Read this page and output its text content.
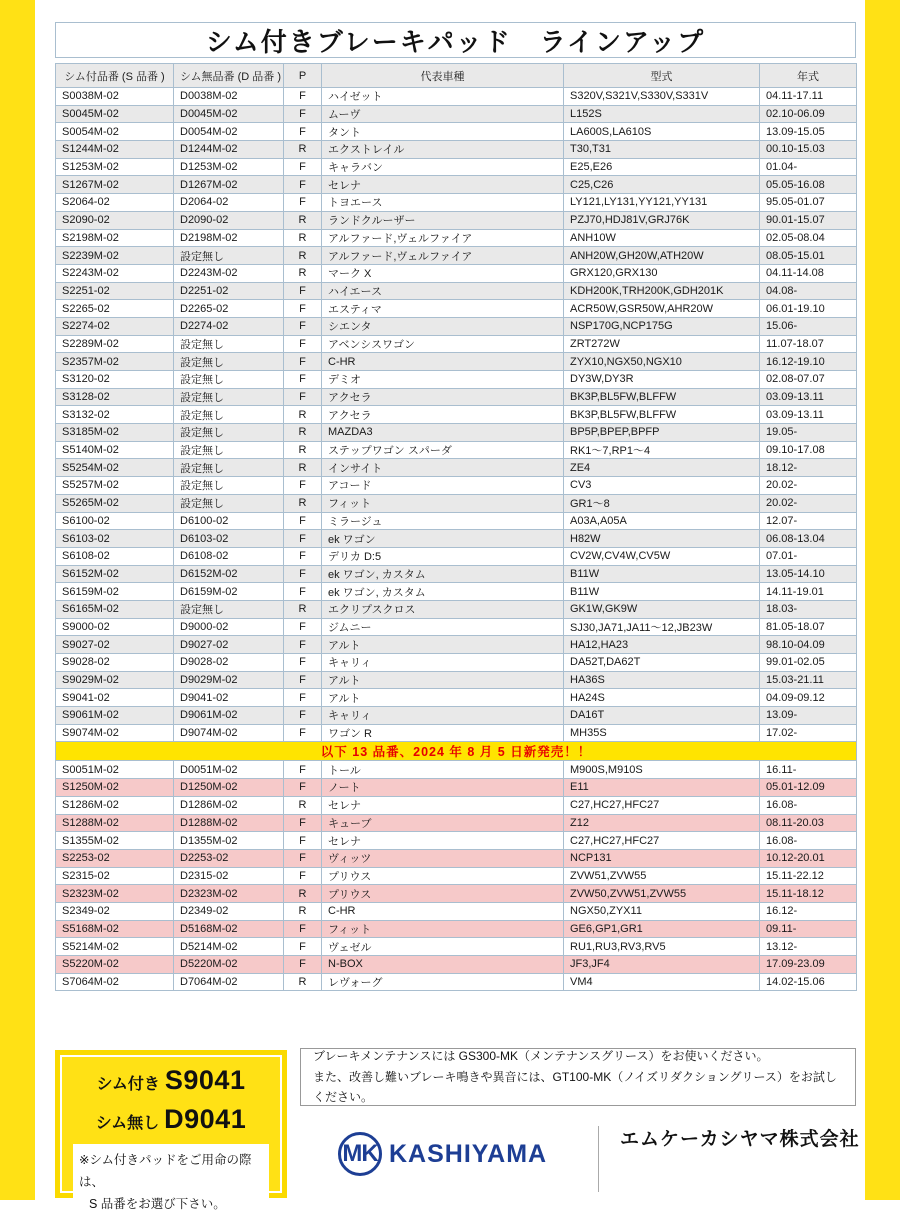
シム付きブレーキパッド　ラインアップ
シム付品番 (S 品番 )	シム無品番 (D 品番 )	P	代表車種	型式	年式
S0038M-02	D0038M-02	F	ハイゼット	S320V,S321V,S330V,S331V	04.11-17.11
S0045M-02	D0045M-02	F	ムーヴ	L152S	02.10-06.09
S0054M-02	D0054M-02	F	タント	LA600S,LA610S	13.09-15.05
S1244M-02	D1244M-02	R	エクストレイル	T30,T31	00.10-15.03
S1253M-02	D1253M-02	F	キャラバン	E25,E26	01.04-
S1267M-02	D1267M-02	F	セレナ	C25,C26	05.05-16.08
S2064-02	D2064-02	F	トヨエース	LY121,LY131,YY121,YY131	95.05-01.07
S2090-02	D2090-02	R	ランドクルーザー	PZJ70,HDJ81V,GRJ76K	90.01-15.07
S2198M-02	D2198M-02	R	アルファード,ヴェルファイア	ANH10W	02.05-08.04
S2239M-02	設定無し	R	アルファード,ヴェルファイア	ANH20W,GH20W,ATH20W	08.05-15.01
S2243M-02	D2243M-02	R	マーク X	GRX120,GRX130	04.11-14.08
S2251-02	D2251-02	F	ハイエース	KDH200K,TRH200K,GDH201K	04.08-
S2265-02	D2265-02	F	エスティマ	ACR50W,GSR50W,AHR20W	06.01-19.10
S2274-02	D2274-02	F	シエンタ	NSP170G,NCP175G	15.06-
S2289M-02	設定無し	F	アベンシスワゴン	ZRT272W	11.07-18.07
S2357M-02	設定無し	F	C-HR	ZYX10,NGX50,NGX10	16.12-19.10
S3120-02	設定無し	F	デミオ	DY3W,DY3R	02.08-07.07
S3128-02	設定無し	F	アクセラ	BK3P,BL5FW,BLFFW	03.09-13.11
S3132-02	設定無し	R	アクセラ	BK3P,BL5FW,BLFFW	03.09-13.11
S3185M-02	設定無し	R	MAZDA3	BP5P,BPEP,BPFP	19.05-
S5140M-02	設定無し	R	ステップワゴン スパーダ	RK1～7,RP1～4	09.10-17.08
S5254M-02	設定無し	R	インサイト	ZE4	18.12-
S5257M-02	設定無し	F	アコード	CV3	20.02-
S5265M-02	設定無し	R	フィット	GR1～8	20.02-
S6100-02	D6100-02	F	ミラージュ	A03A,A05A	12.07-
S6103-02	D6103-02	F	ek ワゴン	H82W	06.08-13.04
S6108-02	D6108-02	F	デリカ D:5	CV2W,CV4W,CV5W	07.01-
S6152M-02	D6152M-02	F	ek ワゴン, カスタム	B11W	13.05-14.10
S6159M-02	D6159M-02	F	ek ワゴン, カスタム	B11W	14.11-19.01
S6165M-02	設定無し	R	エクリプスクロス	GK1W,GK9W	18.03-
S9000-02	D9000-02	F	ジムニー	SJ30,JA71,JA11～12,JB23W	81.05-18.07
S9027-02	D9027-02	F	アルト	HA12,HA23	98.10-04.09
S9028-02	D9028-02	F	キャリィ	DA52T,DA62T	99.01-02.05
S9029M-02	D9029M-02	F	アルト	HA36S	15.03-21.11
S9041-02	D9041-02	F	アルト	HA24S	04.09-09.12
S9061M-02	D9061M-02	F	キャリィ	DA16T	13.09-
S9074M-02	D9074M-02	F	ワゴン R	MH35S	17.02-
以下 13 品番、2024 年 8 月 5 日新発売！！					
S0051M-02	D0051M-02	F	トール	M900S,M910S	16.11-
S1250M-02	D1250M-02	F	ノート	E11	05.01-12.09
S1286M-02	D1286M-02	R	セレナ	C27,HC27,HFC27	16.08-
S1288M-02	D1288M-02	F	キューブ	Z12	08.11-20.03
S1355M-02	D1355M-02	F	セレナ	C27,HC27,HFC27	16.08-
S2253-02	D2253-02	F	ヴィッツ	NCP131	10.12-20.01
S2315-02	D2315-02	F	プリウス	ZVW51,ZVW55	15.11-22.12
S2323M-02	D2323M-02	R	プリウス	ZVW50,ZVW51,ZVW55	15.11-18.12
S2349-02	D2349-02	R	C-HR	NGX50,ZYX11	16.12-
S5168M-02	D5168M-02	F	フィット	GE6,GP1,GR1	09.11-
S5214M-02	D5214M-02	F	ヴェゼル	RU1,RU3,RV3,RV5	13.12-
S5220M-02	D5220M-02	F	N-BOX	JF3,JF4	17.09-23.09
S7064M-02	D7064M-02	R	レヴォーグ	VM4	14.02-15.06
シム付き S9041
シム無し D9041
※シム付きパッドをご用命の際は、
S 品番をお選び下さい。
ブレーキメンテナンスには GS300-MK（メンテナンスグリース）をお使いください。
また、改善し難いブレーキ鳴きや異音には、GT100-MK（ノイズリダクショングリース）をお試しください。
MK KASHIYAMA	エムケーカシヤマ株式会社
